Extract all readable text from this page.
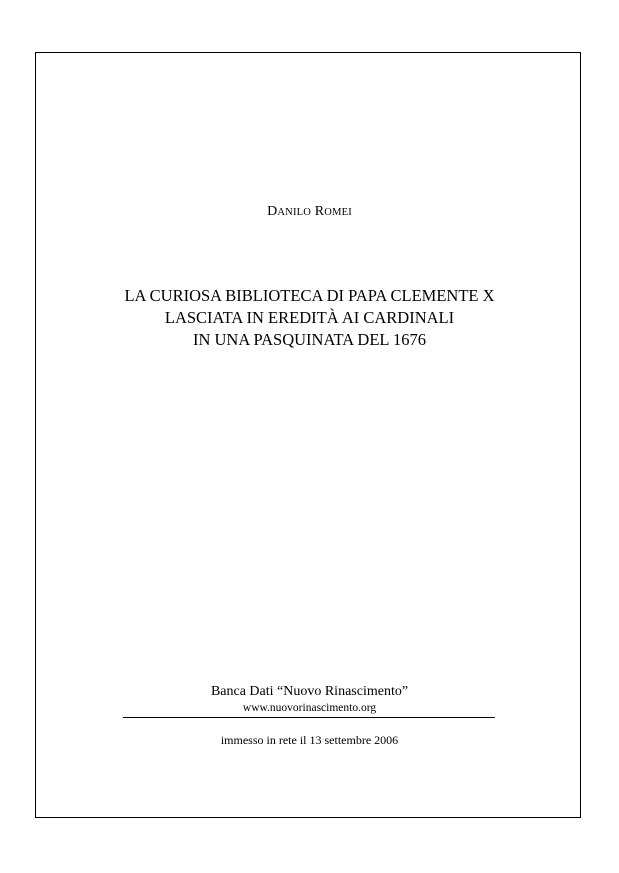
DANILO ROMEI
LA CURIOSA BIBLIOTECA DI PAPA CLEMENTE X
LASCIATA IN EREDITÀ AI CARDINALI
IN UNA PASQUINATA DEL 1676
Banca Dati “Nuovo Rinascimento”
www.nuovorinascimento.org
immesso in rete il 13 settembre 2006
